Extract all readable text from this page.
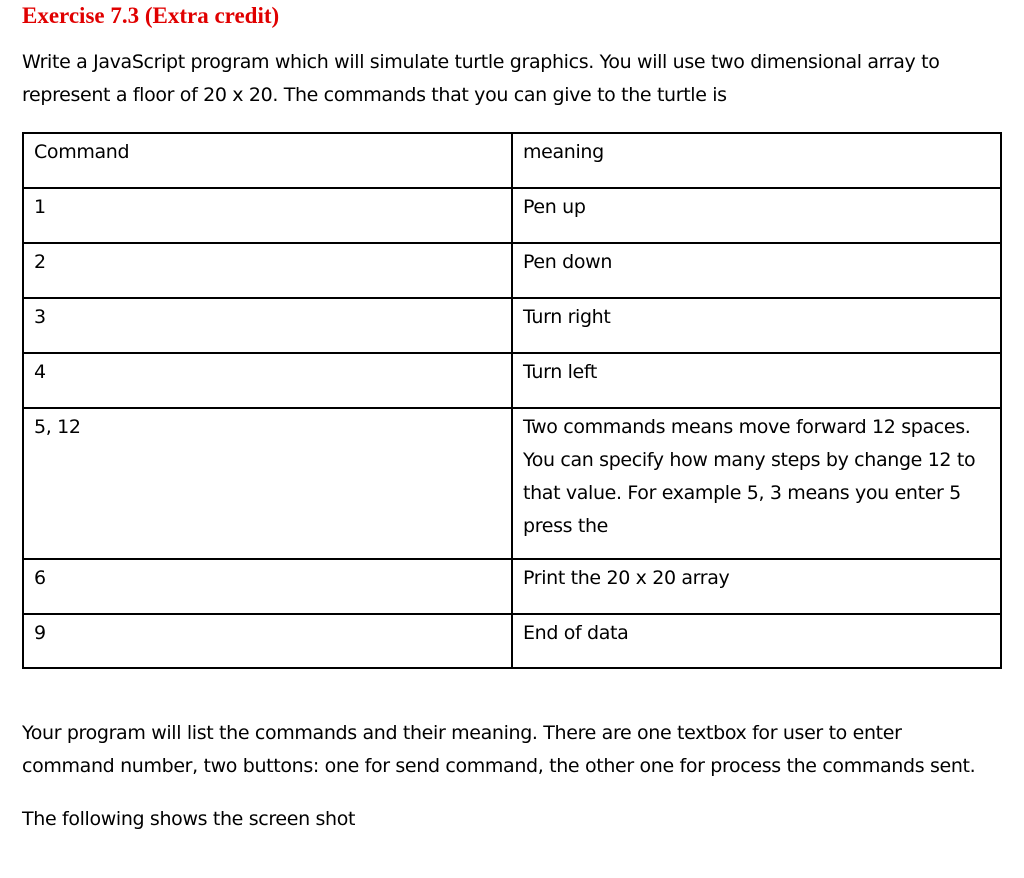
Exercise 7.3 (Extra credit)
Write a JavaScript program which will simulate turtle graphics. You will use two dimensional array to
represent a floor of 20 x 20. The commands that you can give to the turtle is
Command	meaning

1	Pen up

2	Pen down

3	Turn right

4	Turn left

5, 12	Two commands means move forward 12 spaces.
You can specify how many steps by change 12 to
that value. For example 5, 3 means you enter 5
press the

6	Print the 20 x 20 array

9	End of data
Your program will list the commands and their meaning. There are one textbox for user to enter
command number, two buttons: one for send command, the other one for process the commands sent.
The following shows the screen shot
